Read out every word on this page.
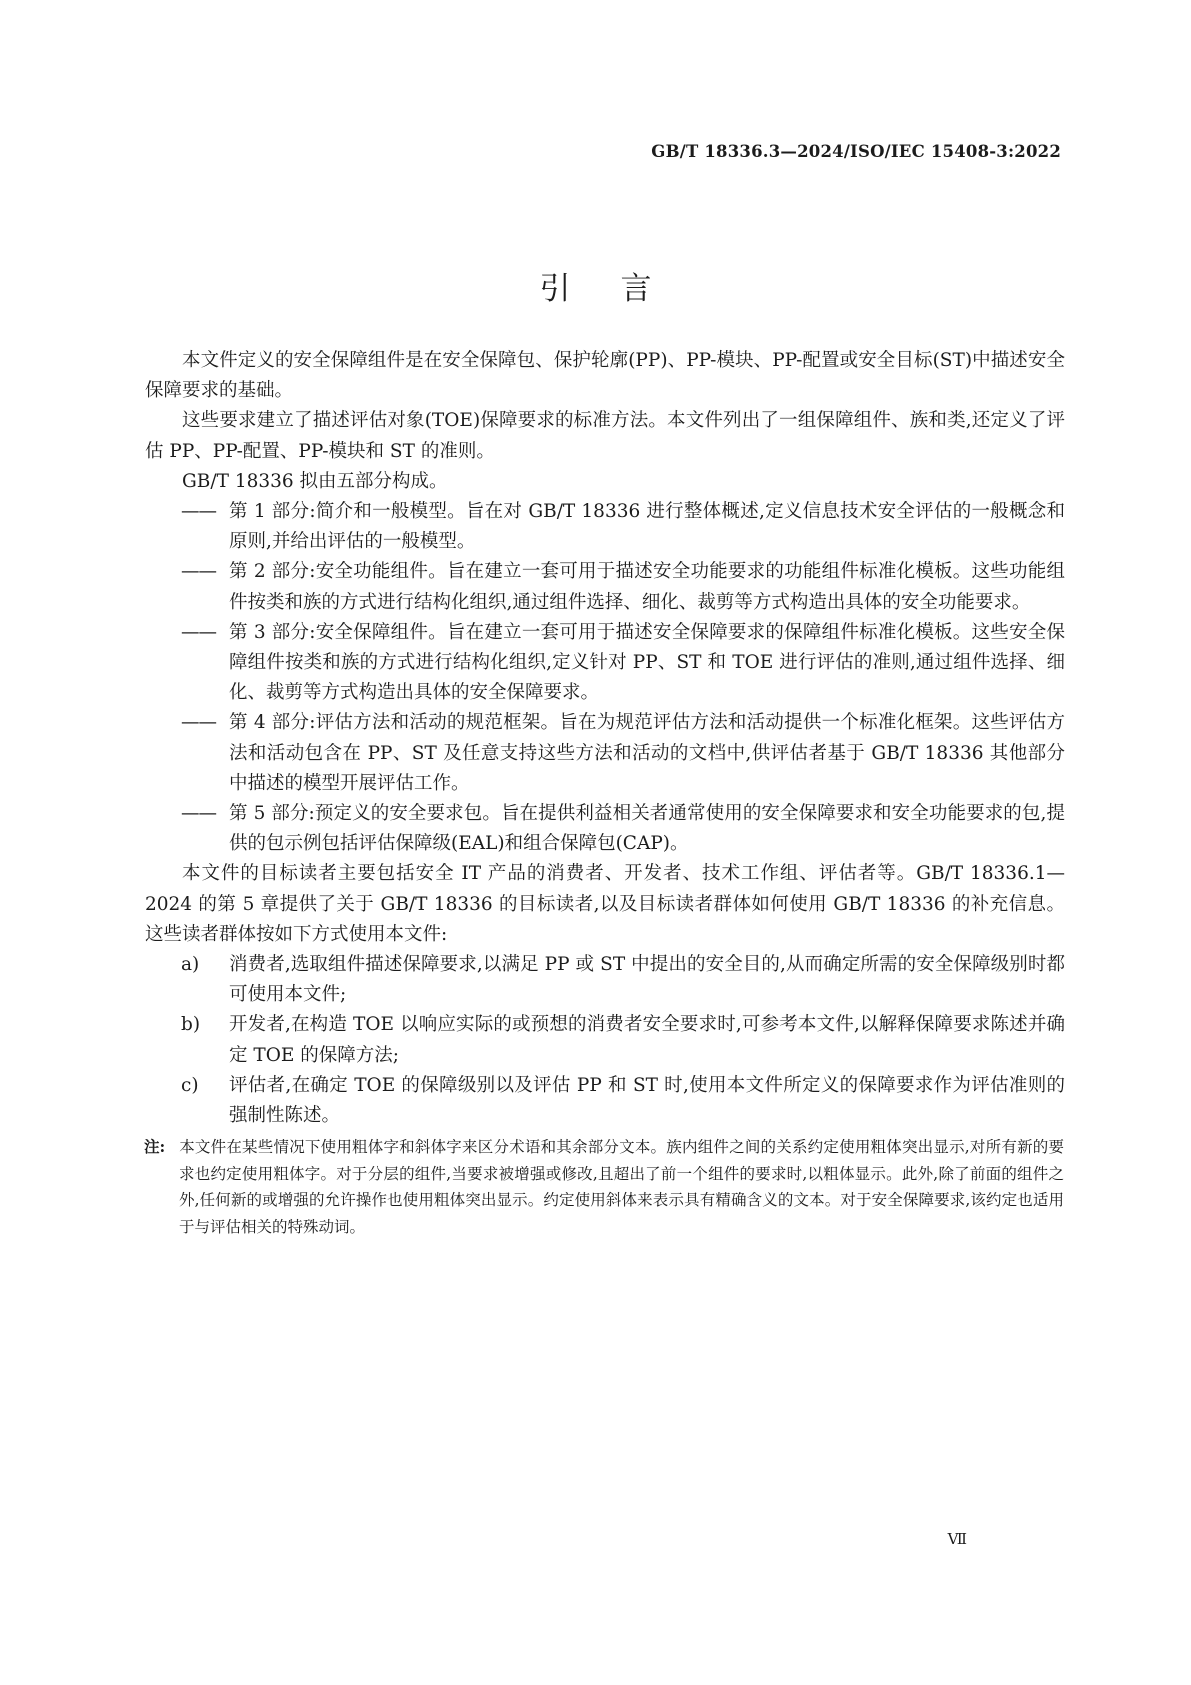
GB/T 18336.3—2024/ISO/IEC 15408-3:2022
引言

本文件定义的安全保障组件是在安全保障包、保护轮廓(PP)、PP-模块、PP-配置或安全目标(ST)中描述安全保障要求的基础。

这些要求建立了描述评估对象(TOE)保障要求的标准方法。本文件列出了一组保障组件、族和类,还定义了评估 PP、PP-配置、PP-模块和 ST 的准则。

GB/T 18336 拟由五部分构成。

—— 第 1 部分:简介和一般模型。旨在对 GB/T 18336 进行整体概述,定义信息技术安全评估的一般概念和原则,并给出评估的一般模型。

—— 第 2 部分:安全功能组件。旨在建立一套可用于描述安全功能要求的功能组件标准化模板。这些功能组件按类和族的方式进行结构化组织,通过组件选择、细化、裁剪等方式构造出具体的安全功能要求。

—— 第 3 部分:安全保障组件。旨在建立一套可用于描述安全保障要求的保障组件标准化模板。这些安全保障组件按类和族的方式进行结构化组织,定义针对 PP、ST 和 TOE 进行评估的准则,通过组件选择、细化、裁剪等方式构造出具体的安全保障要求。

—— 第 4 部分:评估方法和活动的规范框架。旨在为规范评估方法和活动提供一个标准化框架。这些评估方法和活动包含在 PP、ST 及任意支持这些方法和活动的文档中,供评估者基于 GB/T 18336 其他部分中描述的模型开展评估工作。

—— 第 5 部分:预定义的安全要求包。旨在提供利益相关者通常使用的安全保障要求和安全功能要求的包,提供的包示例包括评估保障级(EAL)和组合保障包(CAP)。

本文件的目标读者主要包括安全 IT 产品的消费者、开发者、技术工作组、评估者等。GB/T 18336.1—2024 的第 5 章提供了关于 GB/T 18336 的目标读者,以及目标读者群体如何使用 GB/T 18336 的补充信息。这些读者群体按如下方式使用本文件:

a) 消费者,选取组件描述保障要求,以满足 PP 或 ST 中提出的安全目的,从而确定所需的安全保障级别时都可使用本文件;

b) 开发者,在构造 TOE 以响应实际的或预想的消费者安全要求时,可参考本文件,以解释保障要求陈述并确定 TOE 的保障方法;

c) 评估者,在确定 TOE 的保障级别以及评估 PP 和 ST 时,使用本文件所定义的保障要求作为评估准则的强制性陈述。

注: 本文件在某些情况下使用粗体字和斜体字来区分术语和其余部分文本。族内组件之间的关系约定使用粗体突出显示,对所有新的要求也约定使用粗体字。对于分层的组件,当要求被增强或修改,且超出了前一个组件的要求时,以粗体显示。此外,除了前面的组件之外,任何新的或增强的允许操作也使用粗体突出显示。约定使用斜体来表示具有精确含义的文本。对于安全保障要求,该约定也适用于与评估相关的特殊动词。
Ⅶ
